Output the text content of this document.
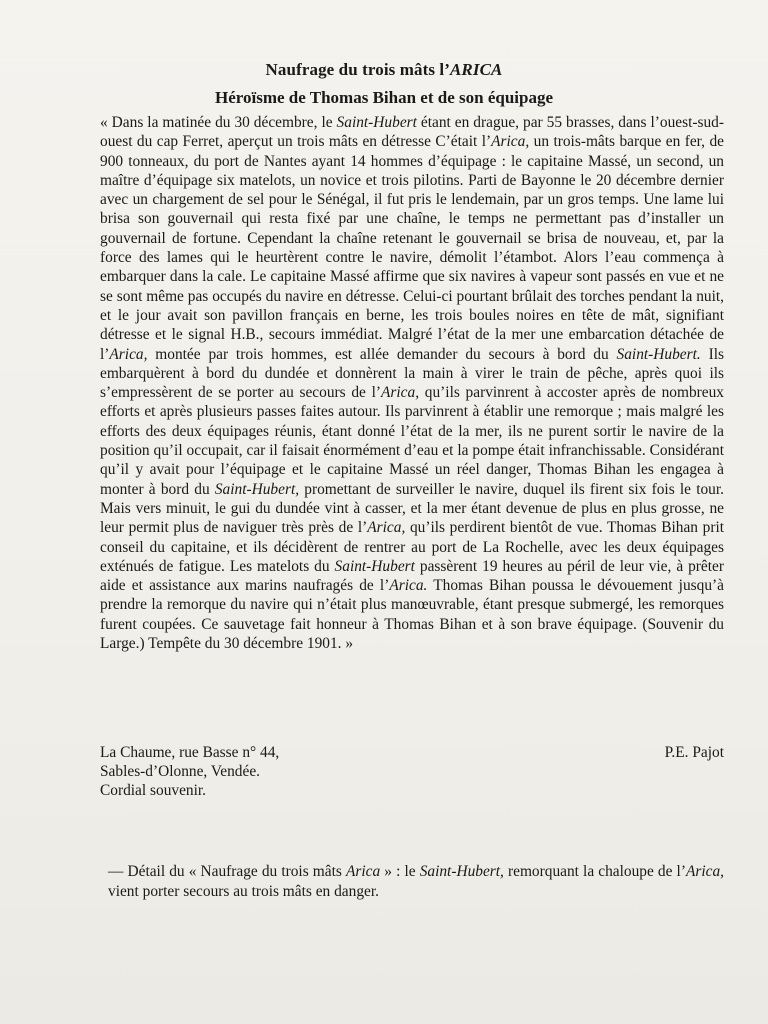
Naufrage du trois mâts l’ARICA
Héroïsme de Thomas Bihan et de son équipage

« Dans la matinée du 30 décembre, le Saint-Hubert étant en drague, par 55 brasses, dans l’ouest-sud-ouest du cap Ferret, aperçut un trois mâts en détresse C’était l’Arica, un trois-mâts barque en fer, de 900 tonneaux, du port de Nantes ayant 14 hommes d’équipage : le capitaine Massé, un second, un maître d’équipage six matelots, un novice et trois pilotins. Parti de Bayonne le 20 décembre dernier avec un chargement de sel pour le Sénégal, il fut pris le lendemain, par un gros temps. Une lame lui brisa son gouvernail qui resta fixé par une chaîne, le temps ne permettant pas d’installer un gouvernail de fortune. Cependant la chaîne retenant le gouvernail se brisa de nouveau, et, par la force des lames qui le heurtèrent contre le navire, démolit l’étambot. Alors l’eau commença à embarquer dans la cale. Le capitaine Massé affirme que six navires à vapeur sont passés en vue et ne se sont même pas occupés du navire en détresse. Celui-ci pourtant brûlait des torches pendant la nuit, et le jour avait son pavillon français en berne, les trois boules noires en tête de mât, signifiant détresse et le signal H.B., secours immédiat. Malgré l’état de la mer une embarcation détachée de l’Arica, montée par trois hommes, est allée demander du secours à bord du Saint-Hubert. Ils embarquèrent à bord du dundée et donnèrent la main à virer le train de pêche, après quoi ils s’empressèrent de se porter au secours de l’Arica, qu’ils parvinrent à accoster après de nombreux efforts et après plusieurs passes faites autour. Ils parvinrent à établir une remorque ; mais malgré les efforts des deux équipages réunis, étant donné l’état de la mer, ils ne purent sortir le navire de la position qu’il occupait, car il faisait énormément d’eau et la pompe était infranchissable. Considérant qu’il y avait pour l’équipage et le capitaine Massé un réel danger, Thomas Bihan les engagea à monter à bord du Saint-Hubert, promettant de surveiller le navire, duquel ils firent six fois le tour. Mais vers minuit, le gui du dundée vint à casser, et la mer étant devenue de plus en plus grosse, ne leur permit plus de naviguer très près de l’Arica, qu’ils perdirent bientôt de vue. Thomas Bihan prit conseil du capitaine, et ils décidèrent de rentrer au port de La Rochelle, avec les deux équipages exténués de fatigue. Les matelots du Saint-Hubert passèrent 19 heures au péril de leur vie, à prêter aide et assistance aux marins naufragés de l’Arica. Thomas Bihan poussa le dévouement jusqu’à prendre la remorque du navire qui n’était plus manœuvrable, étant presque submergé, les remorques furent coupées. Ce sauvetage fait honneur à Thomas Bihan et à son brave équipage. (Souvenir du Large.) Tempête du 30 décembre 1901. »

La Chaume, rue Basse n° 44,	P.E. Pajot
Sables-d’Olonne, Vendée.
Cordial souvenir.

— Détail du « Naufrage du trois mâts Arica » : le Saint-Hubert, remorquant la chaloupe de l’Arica, vient porter secours au trois mâts en danger.
